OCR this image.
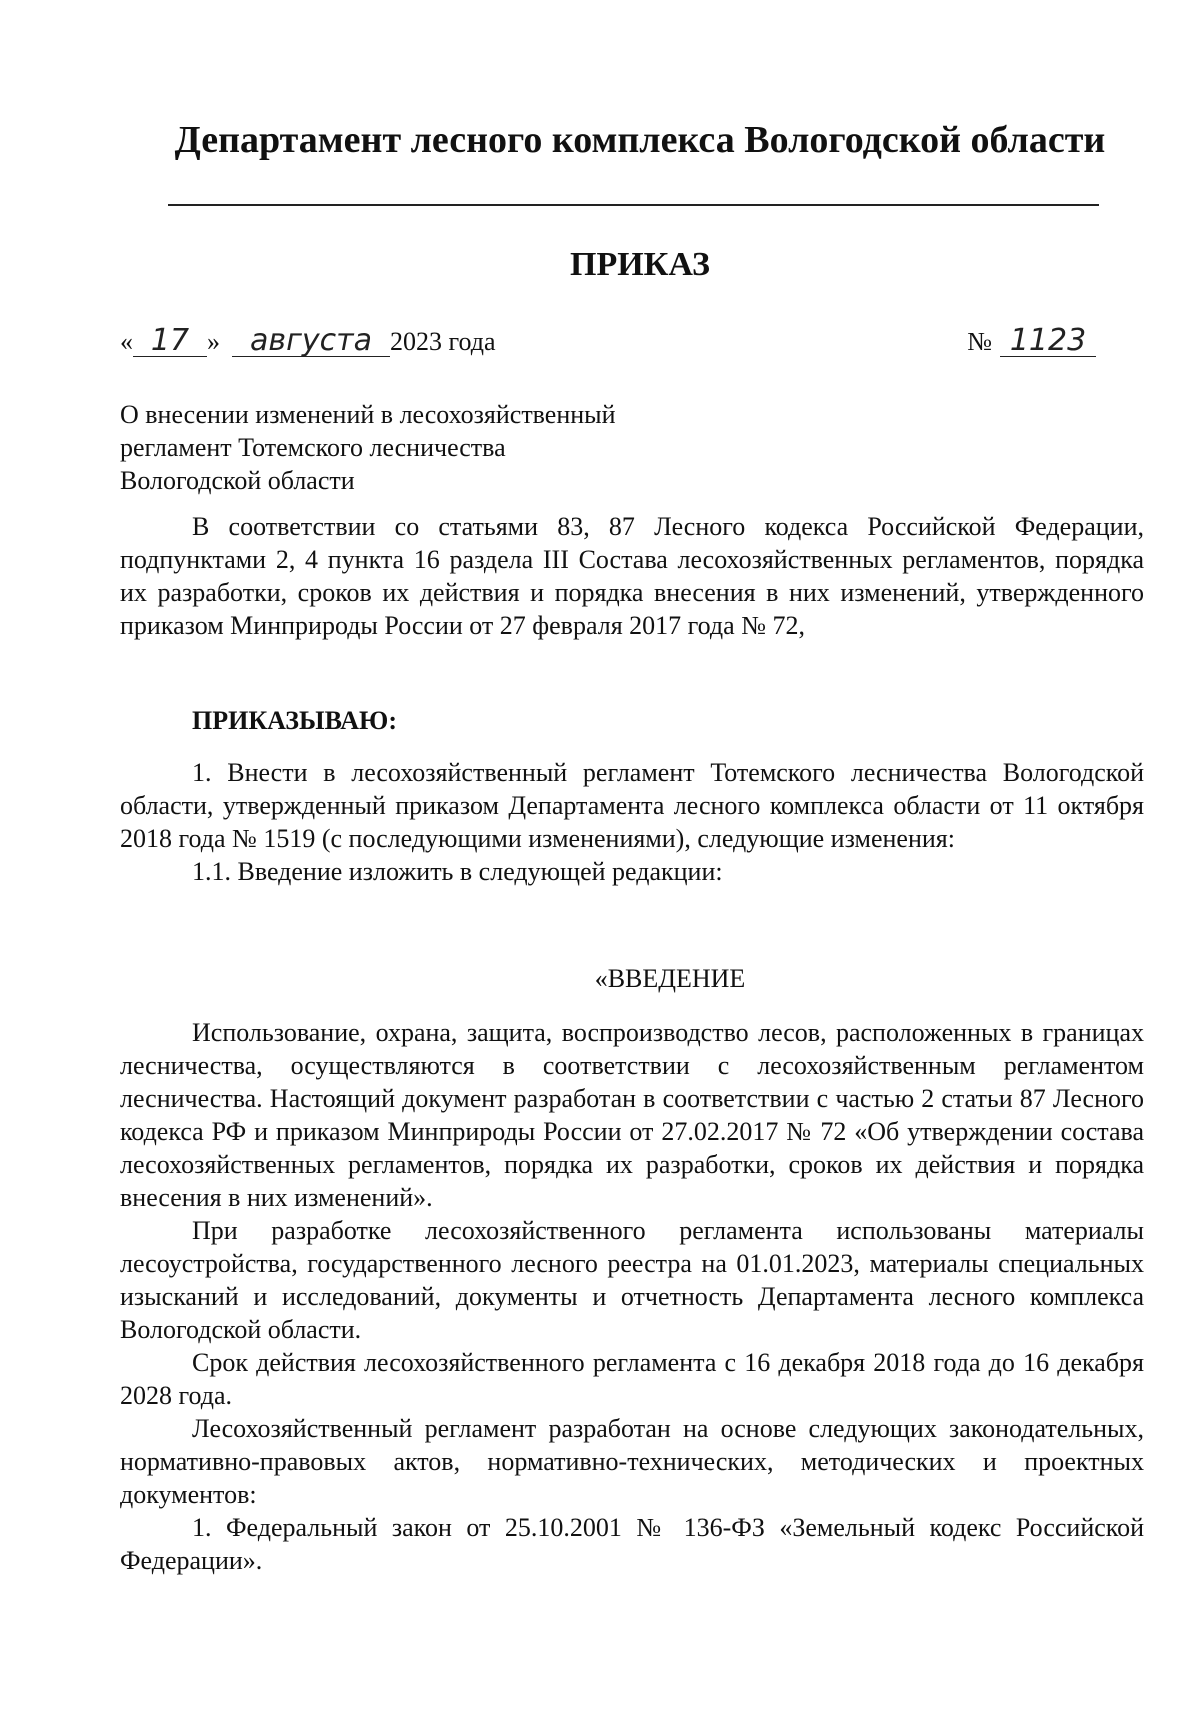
Департамент лесного комплекса Вологодской области
ПРИКАЗ
« 17 » августа 2023 года	№ 1123
О внесении изменений в лесохозяйственный
регламент Тотемского лесничества
Вологодской области

В соответствии со статьями 83, 87 Лесного кодекса Российской Федерации, подпунктами 2, 4 пункта 16 раздела III Состава лесохозяйственных регламентов, порядка их разработки, сроков их действия и порядка внесения в них изменений, утвержденного приказом Минприроды России от 27 февраля 2017 года № 72,

ПРИКАЗЫВАЮ:

1. Внести в лесохозяйственный регламент Тотемского лесничества Вологодской области, утвержденный приказом Департамента лесного комплекса области от 11 октября 2018 года № 1519 (с последующими изменениями), следующие изменения:

1.1. Введение изложить в следующей редакции:

«ВВЕДЕНИЕ

Использование, охрана, защита, воспроизводство лесов, расположенных в границах лесничества, осуществляются в соответствии с лесохозяйственным регламентом лесничества. Настоящий документ разработан в соответствии с частью 2 статьи 87 Лесного кодекса РФ и приказом Минприроды России от 27.02.2017 № 72 «Об утверждении состава лесохозяйственных регламентов, порядка их разработки, сроков их действия и порядка внесения в них изменений».

При разработке лесохозяйственного регламента использованы материалы лесоустройства, государственного лесного реестра на 01.01.2023, материалы специальных изысканий и исследований, документы и отчетность Департамента лесного комплекса Вологодской области.

Срок действия лесохозяйственного регламента с 16 декабря 2018 года до 16 декабря 2028 года.

Лесохозяйственный регламент разработан на основе следующих законодательных, нормативно-правовых актов, нормативно-технических, методических и проектных документов:

1. Федеральный закон от 25.10.2001 № 136-ФЗ «Земельный кодекс Российской Федерации».
